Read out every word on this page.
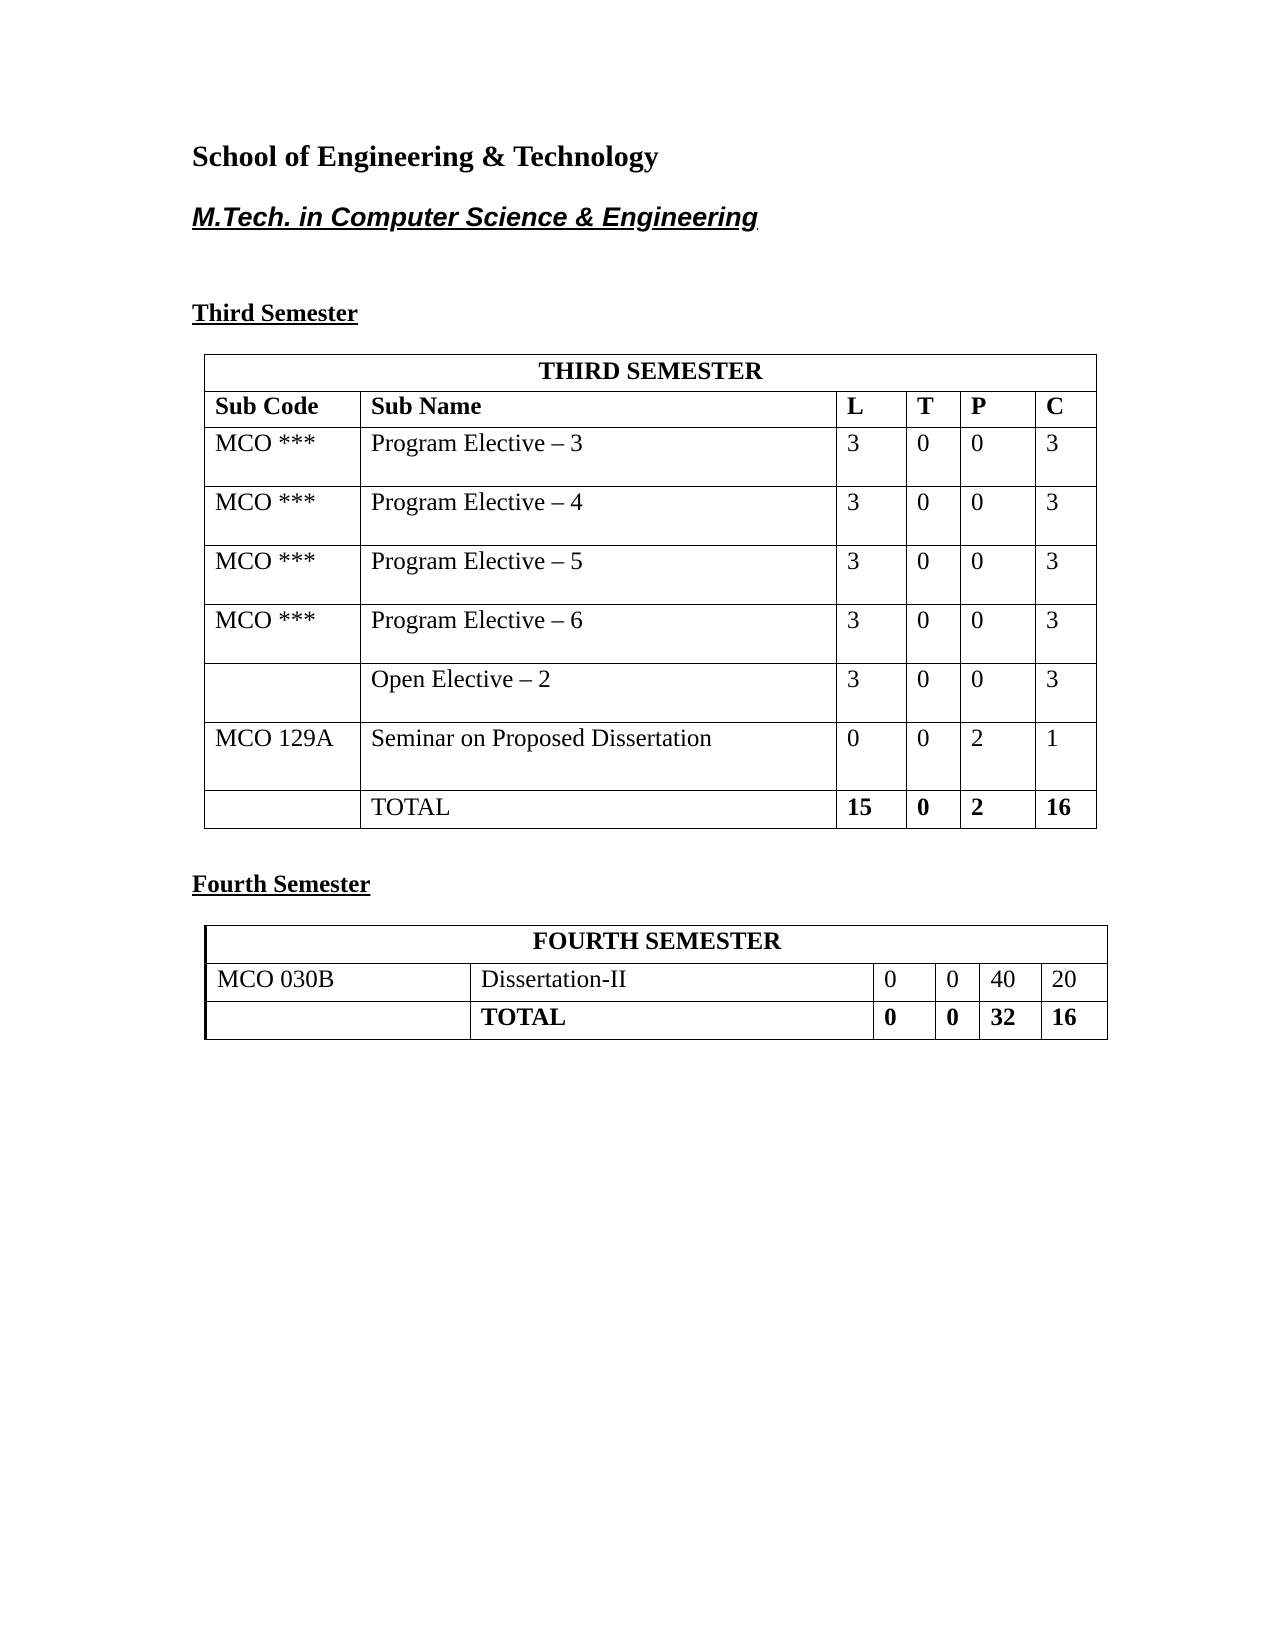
School of Engineering & Technology
M.Tech. in Computer Science & Engineering
Third Semester
THIRD SEMESTER					
Sub Code	Sub Name	L	T	P	C
MCO ***	Program Elective – 3	3	0	0	3
MCO ***	Program Elective – 4	3	0	0	3
MCO ***	Program Elective – 5	3	0	0	3
MCO ***	Program Elective – 6	3	0	0	3
	Open Elective – 2	3	0	0	3
MCO 129A	Seminar on Proposed Dissertation	0	0	2	1
	TOTAL	15	0	2	16
Fourth Semester
FOURTH SEMESTER					
MCO 030B	Dissertation-II	0	0	40	20
	TOTAL	0	0	32	16
